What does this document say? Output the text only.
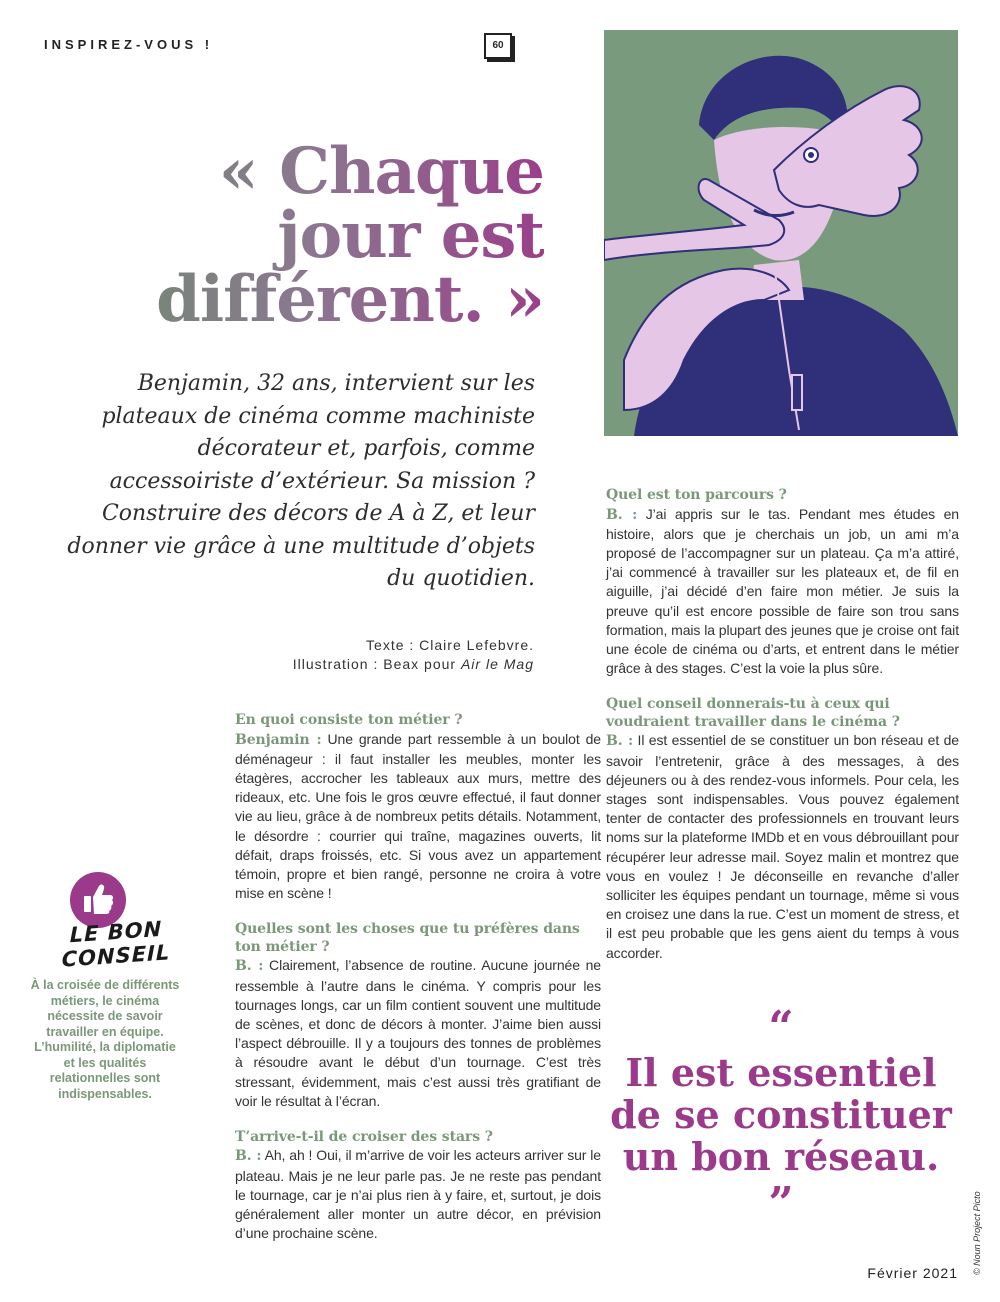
INSPIREZ-VOUS !	60
« Chaque
jour est
différent. »

Benjamin, 32 ans, intervient sur les plateaux de cinéma comme machiniste décorateur et, parfois, comme accessoiriste d’extérieur. Sa mission ? Construire des décors de A à Z, et leur donner vie grâce à une multitude d’objets du quotidien.

Texte : Claire Lefebvre.
Illustration : Beax pour Air le Mag
En quoi consiste ton métier ?

Benjamin : Une grande part ressemble à un boulot de déménageur : il faut installer les meubles, monter les étagères, accrocher les tableaux aux murs, mettre des rideaux, etc. Une fois le gros œuvre effectué, il faut donner vie au lieu, grâce à de nombreux petits détails. Notamment, le désordre : courrier qui traîne, magazines ouverts, lit défait, draps froissés, etc. Si vous avez un appartement témoin, propre et bien rangé, personne ne croira à votre mise en scène !

Quelles sont les choses que tu préfères dans ton métier ?

B. : Clairement, l’absence de routine. Aucune journée ne ressemble à l’autre dans le cinéma. Y compris pour les tournages longs, car un film contient souvent une multitude de scènes, et donc de décors à monter. J’aime bien aussi l’aspect débrouille. Il y a toujours des tonnes de problèmes à résoudre avant le début d’un tournage. C’est très stressant, évidemment, mais c’est aussi très gratifiant de voir le résultat à l’écran.

T’arrive-t-il de croiser des stars ?

B. : Ah, ah ! Oui, il m’arrive de voir les acteurs arriver sur le plateau. Mais je ne leur parle pas. Je ne reste pas pendant le tournage, car je n’ai plus rien à y faire, et, surtout, je dois généralement aller monter un autre décor, en prévision d’une prochaine scène.

Quel est ton parcours ?

B. : J’ai appris sur le tas. Pendant mes études en histoire, alors que je cherchais un job, un ami m’a proposé de l’accompagner sur un plateau. Ça m’a attiré, j’ai commencé à travailler sur les plateaux et, de fil en aiguille, j’ai décidé d’en faire mon métier. Je suis la preuve qu’il est encore possible de faire son trou sans formation, mais la plupart des jeunes que je croise ont fait une école de cinéma ou d’arts, et entrent dans le métier grâce à des stages. C’est la voie la plus sûre.

Quel conseil donnerais-tu à ceux qui voudraient travailler dans le cinéma ?

B. : Il est essentiel de se constituer un bon réseau et de savoir l’entretenir, grâce à des messages, à des déjeuners ou à des rendez-vous informels. Pour cela, les stages sont indispensables. Vous pouvez également tenter de contacter des professionnels en trouvant leurs noms sur la plateforme IMDb et en vous débrouillant pour récupérer leur adresse mail. Soyez malin et montrez que vous en voulez ! Je déconseille en revanche d’aller solliciter les équipes pendant un tournage, même si vous en croisez une dans la rue. C’est un moment de stress, et il est peu probable que les gens aient du temps à vous accorder.

LE BON
CONSEIL

À la croisée de différents métiers, le cinéma nécessite de savoir travailler en équipe. L’humilité, la diplomatie et les qualités relationnelles sont indispensables.

“
Il est essentiel de se constituer un bon réseau.
”	© Noun Project Picto
Février 2021
